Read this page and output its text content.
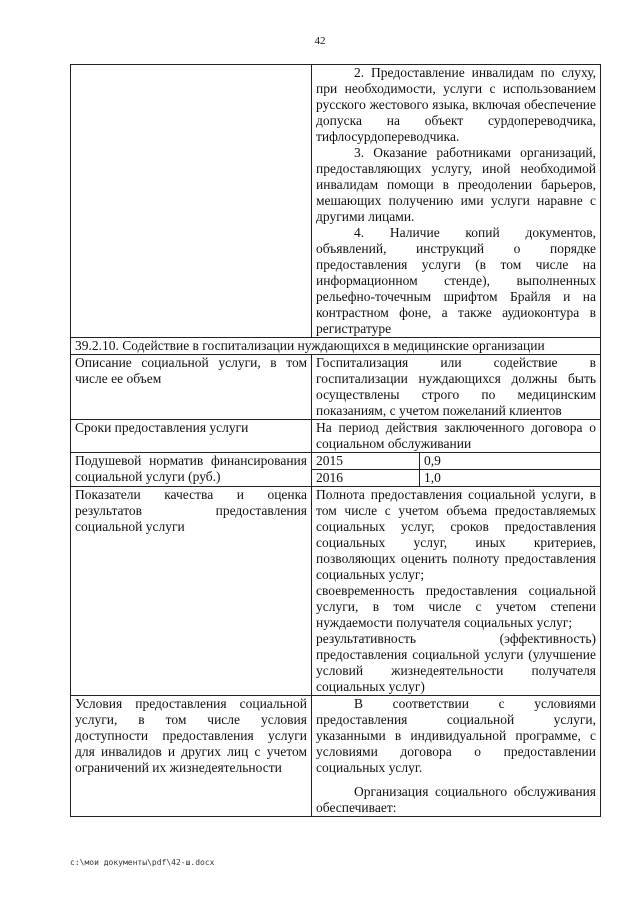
42

	2. Предоставление инвалидам по слуху, при необходимости, услуги с использованием русского жестового языка, включая обеспечение допуска на объект сурдопереводчика, тифлосурдопереводчика.

3. Оказание работниками организаций, предоставляющих услугу, иной необходимой инвалидам помощи в преодолении барьеров, мешающих получению ими услуги наравне с другими лицами.

4. Наличие копий документов, объявлений, инструкций о порядке предоставления услуги (в том числе на информационном стенде), выполненных рельефно-точечным шрифтом Брайля и на контрастном фоне, а также аудиоконтура в регистратуре	

39.2.10. Содействие в госпитализации нуждающихся в медицинские организации		
Описание социальной услуги, в том числе ее объем	Госпитализация или содействие в госпитализации нуждающихся должны быть осуществлены строго по медицинским показаниям, с учетом пожеланий клиентов	
Сроки предоставления услуги	На период действия заключенного договора о социальном обслуживании	
Подушевой норматив финансирования социальной услуги (руб.)	2015	0,9
	2016	1,0
Показатели качества и оценка результатов предоставления социальной услуги	Полнота предоставления социальной услуги, в том числе с учетом объема предоставляемых социальных услуг, сроков предоставления социальных услуг, иных критериев, позволяющих оценить полноту предоставления социальных услуг;

своевременность предоставления социальной услуги, в том числе с учетом степени нуждаемости получателя социальных услуг;

результативность (эффективность) предоставления социальной услуги (улучшение условий жизнедеятельности получателя социальных услуг)	

Условия предоставления социальной услуги, в том числе условия доступности предоставления услуги для инвалидов и других лиц с учетом ограничений их жизнедеятельности	В соответствии с условиями предоставления социальной услуги, указанными в индивидуальной программе, с условиями договора о предоставлении социальных услуг.

Организация социального обслуживания обеспечивает:	

c:\мои документы\pdf\42-ш.docx
